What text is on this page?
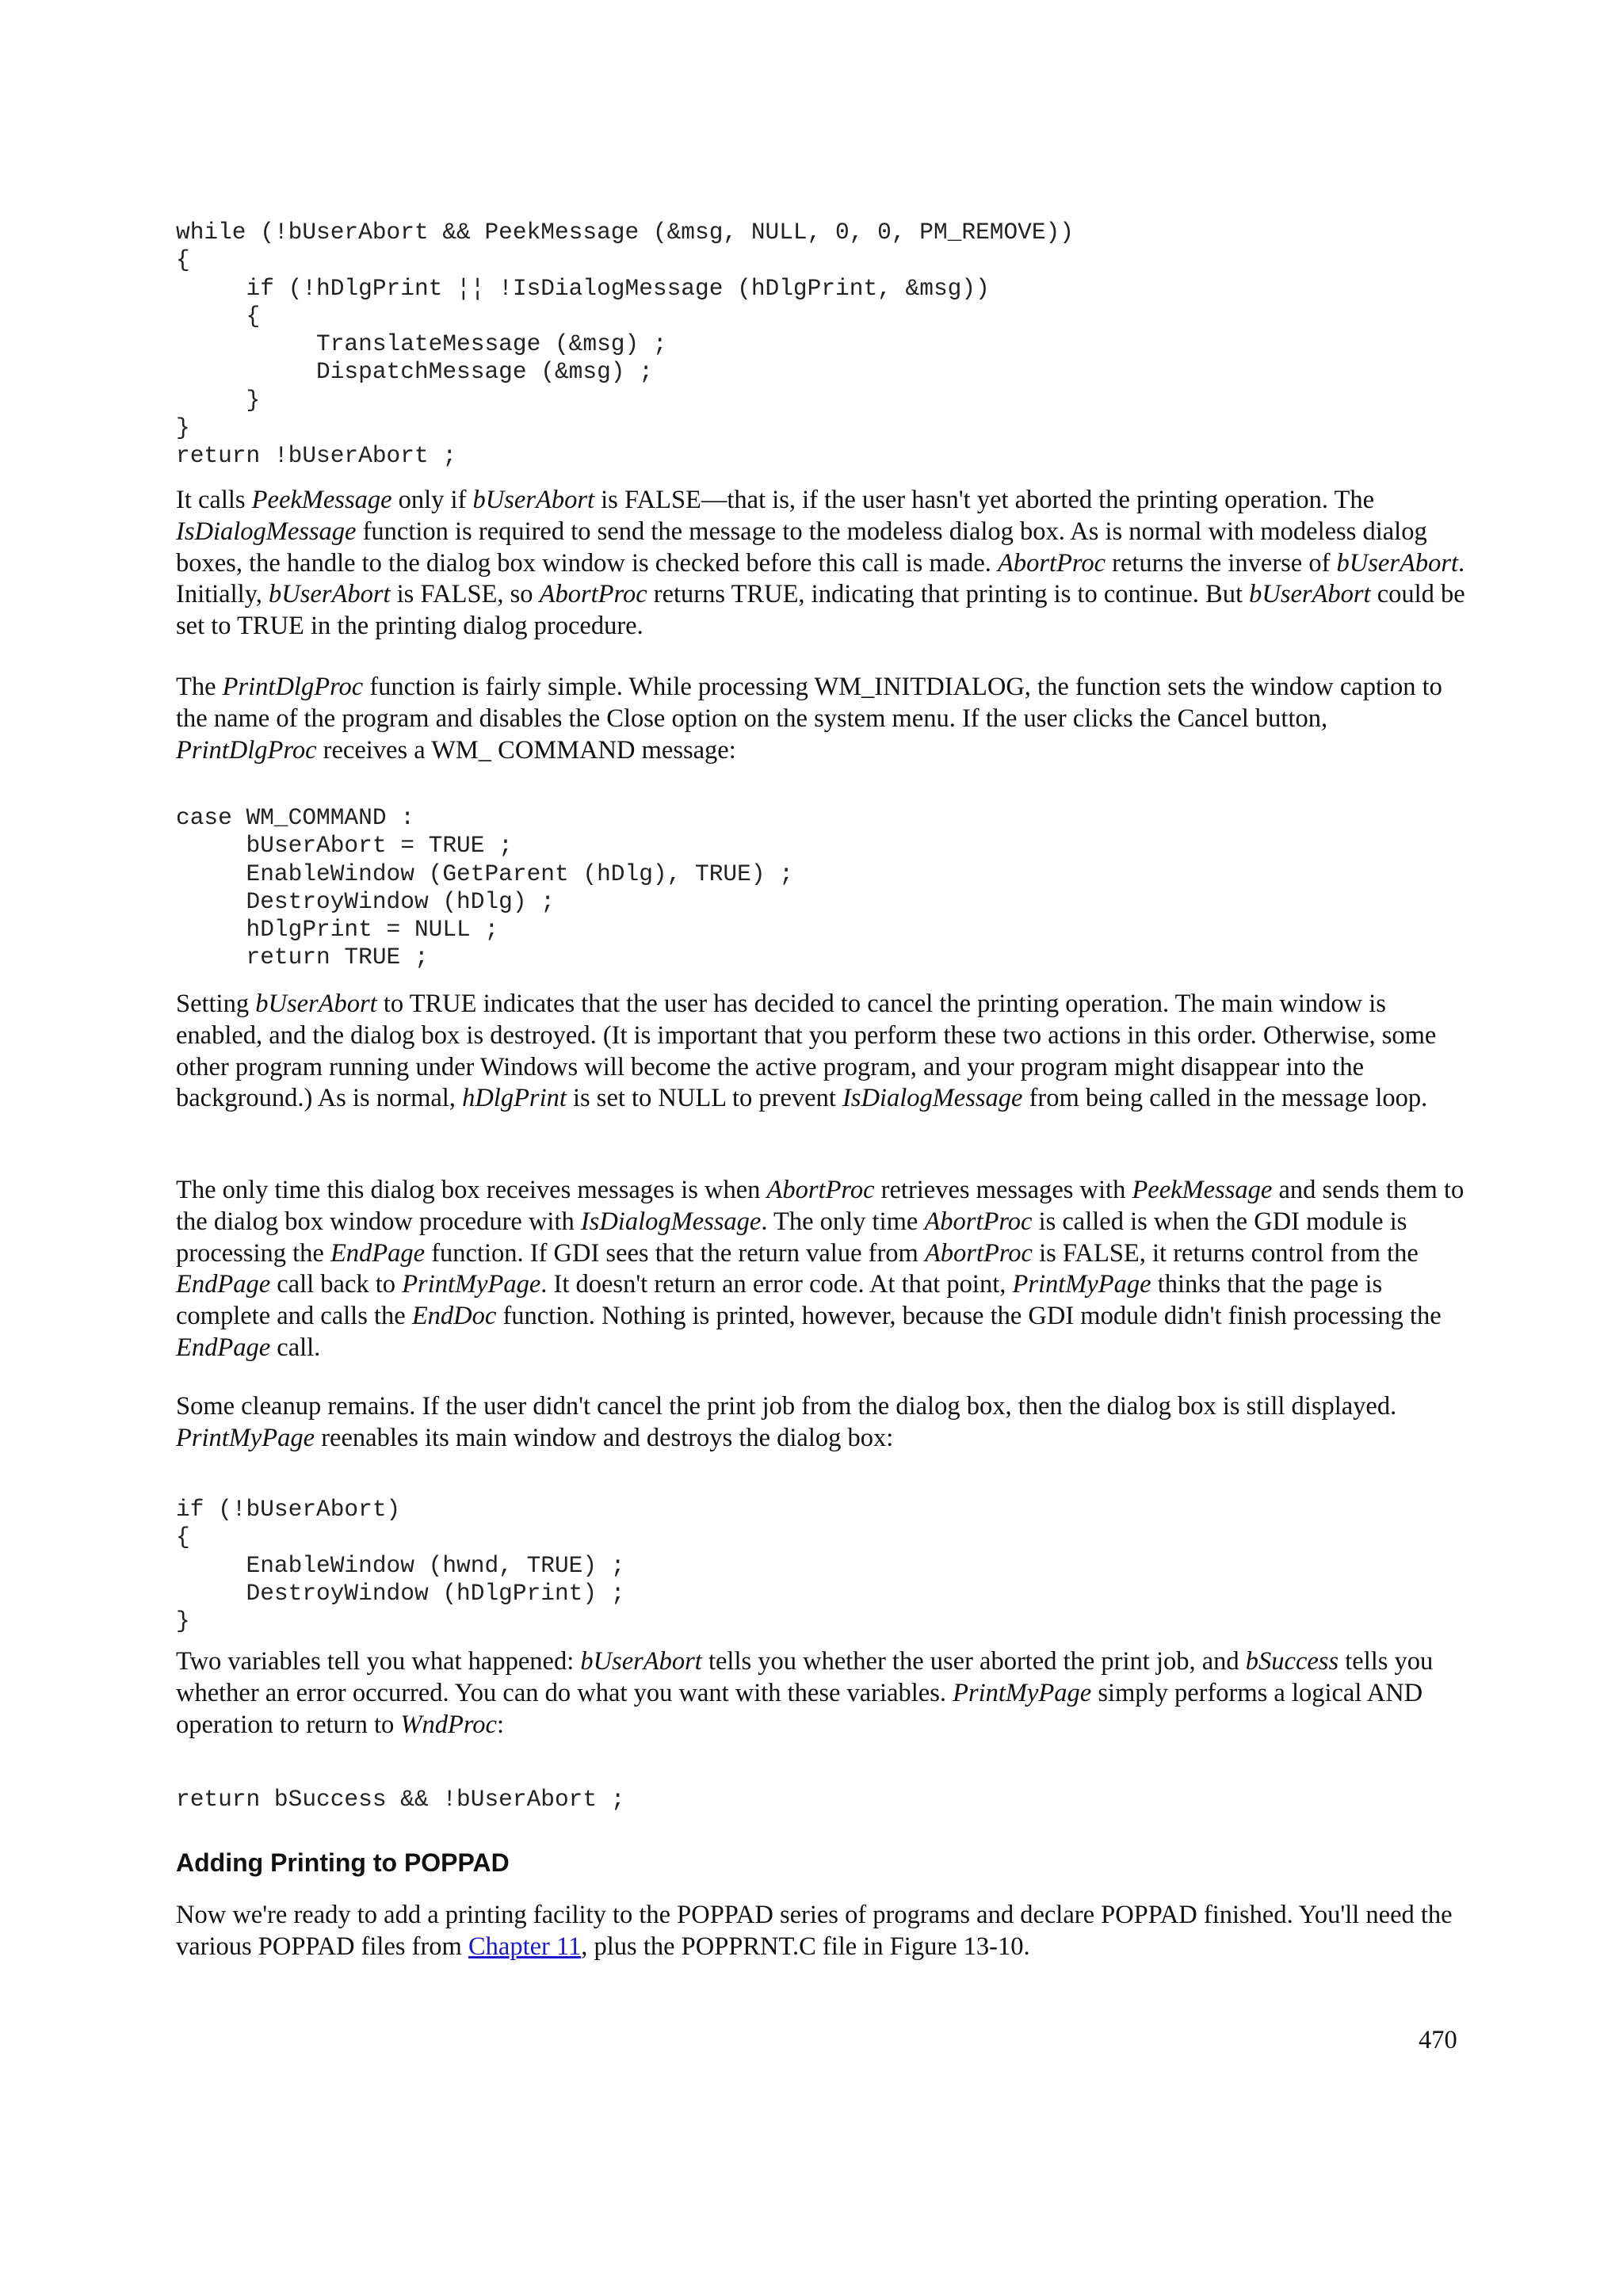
while (!bUserAbort && PeekMessage (&msg, NULL, 0, 0, PM_REMOVE))
{
if (!hDlgPrint ¦¦ !IsDialogMessage (hDlgPrint, &msg))
{
TranslateMessage (&msg) ;
DispatchMessage (&msg) ;
}
}
return !bUserAbort ;

It calls PeekMessage only if bUserAbort is FALSE—that is, if the user hasn't yet aborted the printing operation. The IsDialogMessage function is required to send the message to the modeless dialog box. As is normal with modeless dialog boxes, the handle to the dialog box window is checked before this call is made. AbortProc returns the inverse of bUserAbort. Initially, bUserAbort is FALSE, so AbortProc returns TRUE, indicating that printing is to continue. But bUserAbort could be set to TRUE in the printing dialog procedure.

The PrintDlgProc function is fairly simple. While processing WM_INITDIALOG, the function sets the window caption to the name of the program and disables the Close option on the system menu. If the user clicks the Cancel button, PrintDlgProc receives a WM_ COMMAND message:

case WM_COMMAND :
bUserAbort = TRUE ;
EnableWindow (GetParent (hDlg), TRUE) ;
DestroyWindow (hDlg) ;
hDlgPrint = NULL ;
return TRUE ;

Setting bUserAbort to TRUE indicates that the user has decided to cancel the printing operation. The main window is enabled, and the dialog box is destroyed. (It is important that you perform these two actions in this order. Otherwise, some other program running under Windows will become the active program, and your program might disappear into the background.) As is normal, hDlgPrint is set to NULL to prevent IsDialogMessage from being called in the message loop.

The only time this dialog box receives messages is when AbortProc retrieves messages with PeekMessage and sends them to the dialog box window procedure with IsDialogMessage. The only time AbortProc is called is when the GDI module is processing the EndPage function. If GDI sees that the return value from AbortProc is FALSE, it returns control from the EndPage call back to PrintMyPage. It doesn't return an error code. At that point, PrintMyPage thinks that the page is complete and calls the EndDoc function. Nothing is printed, however, because the GDI module didn't finish processing the EndPage call.

Some cleanup remains. If the user didn't cancel the print job from the dialog box, then the dialog box is still displayed. PrintMyPage reenables its main window and destroys the dialog box:

if (!bUserAbort)
{
EnableWindow (hwnd, TRUE) ;
DestroyWindow (hDlgPrint) ;
}

Two variables tell you what happened: bUserAbort tells you whether the user aborted the print job, and bSuccess tells you whether an error occurred. You can do what you want with these variables. PrintMyPage simply performs a logical AND operation to return to WndProc:

return bSuccess && !bUserAbort ;
Adding Printing to POPPAD

Now we're ready to add a printing facility to the POPPAD series of programs and declare POPPAD finished. You'll need the various POPPAD files from Chapter 11, plus the POPPRNT.C file in Figure 13-10.

470
